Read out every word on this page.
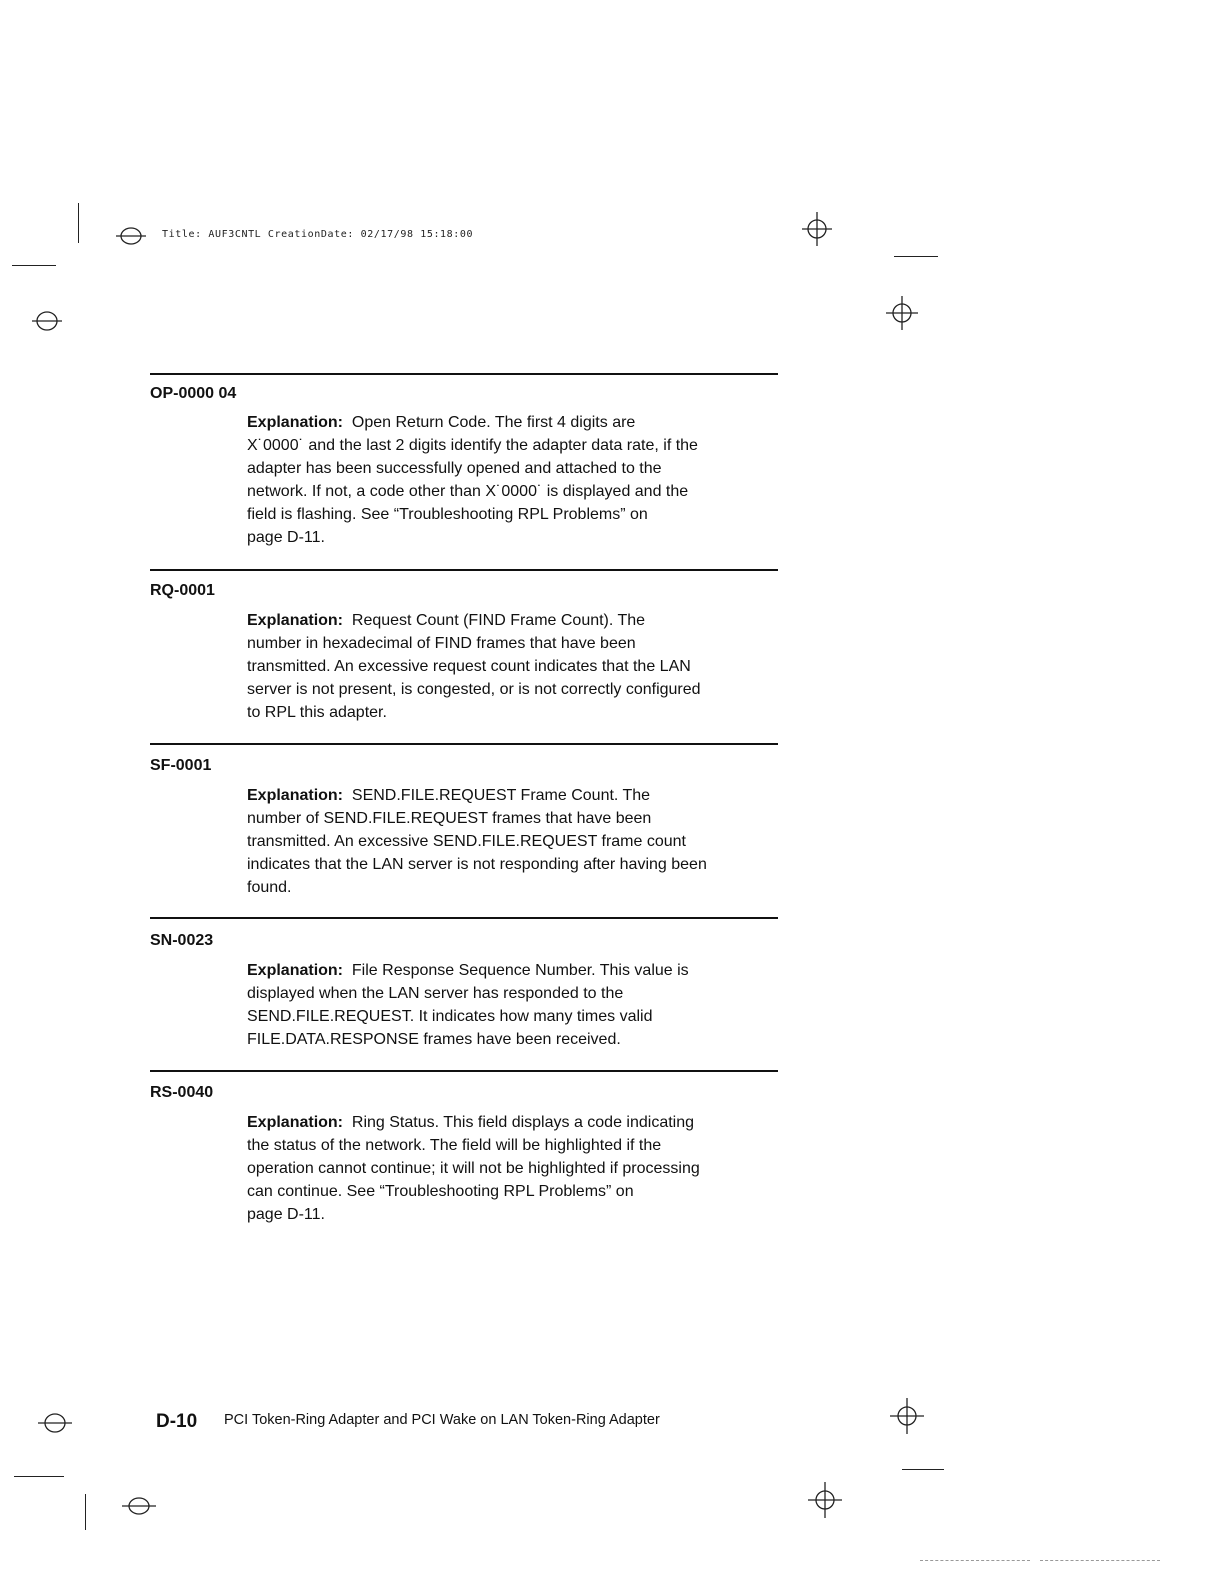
Title: AUF3CNTL CreationDate: 02/17/98 15:18:00
OP-0000 04
Explanation: Open Return Code. The first 4 digits are
X˙0000˙ and the last 2 digits identify the adapter data rate, if the
adapter has been successfully opened and attached to the
network. If not, a code other than X˙0000˙ is displayed and the
field is flashing. See “Troubleshooting RPL Problems” on
page D-11.
RQ-0001
Explanation: Request Count (FIND Frame Count). The
number in hexadecimal of FIND frames that have been
transmitted. An excessive request count indicates that the LAN
server is not present, is congested, or is not correctly configured
to RPL this adapter.
SF-0001
Explanation: SEND.FILE.REQUEST Frame Count. The
number of SEND.FILE.REQUEST frames that have been
transmitted. An excessive SEND.FILE.REQUEST frame count
indicates that the LAN server is not responding after having been
found.
SN-0023
Explanation: File Response Sequence Number. This value is
displayed when the LAN server has responded to the
SEND.FILE.REQUEST. It indicates how many times valid
FILE.DATA.RESPONSE frames have been received.
RS-0040
Explanation: Ring Status. This field displays a code indicating
the status of the network. The field will be highlighted if the
operation cannot continue; it will not be highlighted if processing
can continue. See “Troubleshooting RPL Problems” on
page D-11.
D-10 PCI Token-Ring Adapter and PCI Wake on LAN Token-Ring Adapter
